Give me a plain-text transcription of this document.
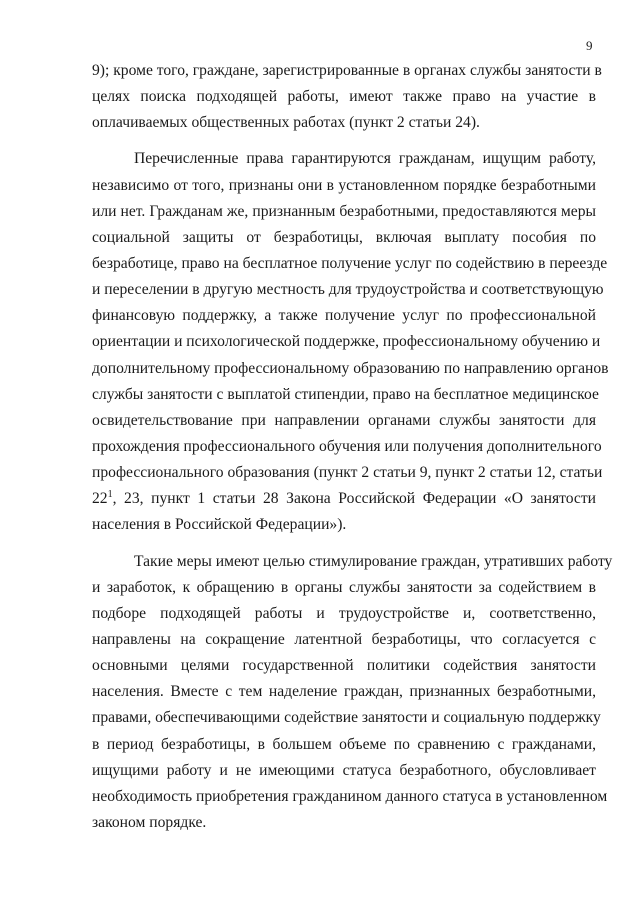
9
9); кроме того, граждане, зарегистрированные в органах службы занятости в
целях поиска подходящей работы, имеют также право на участие в
оплачиваемых общественных работах (пункт 2 статьи 24).
Перечисленные права гарантируются гражданам, ищущим работу,
независимо от того, признаны они в установленном порядке безработными
или нет. Гражданам же, признанным безработными, предоставляются меры
социальной защиты от безработицы, включая выплату пособия по
безработице, право на бесплатное получение услуг по содействию в переезде
и переселении в другую местность для трудоустройства и соответствующую
финансовую поддержку, а также получение услуг по профессиональной
ориентации и психологической поддержке, профессиональному обучению и
дополнительному профессиональному образованию по направлению органов
службы занятости с выплатой стипендии, право на бесплатное медицинское
освидетельствование при направлении органами службы занятости для
прохождения профессионального обучения или получения дополнительного
профессионального образования (пункт 2 статьи 9, пункт 2 статьи 12, статьи
$22^1$, 23, пункт 1 статьи 28 Закона Российской Федерации «О занятости
населения в Российской Федерации»).
Такие меры имеют целью стимулирование граждан, утративших работу
и заработок, к обращению в органы службы занятости за содействием в
подборе подходящей работы и трудоустройстве и, соответственно,
направлены на сокращение латентной безработицы, что согласуется с
основными целями государственной политики содействия занятости
населения. Вместе с тем наделение граждан, признанных безработными,
правами, обеспечивающими содействие занятости и социальную поддержку
в период безработицы, в большем объеме по сравнению с гражданами,
ищущими работу и не имеющими статуса безработного, обусловливает
необходимость приобретения гражданином данного статуса в установленном
законом порядке.
